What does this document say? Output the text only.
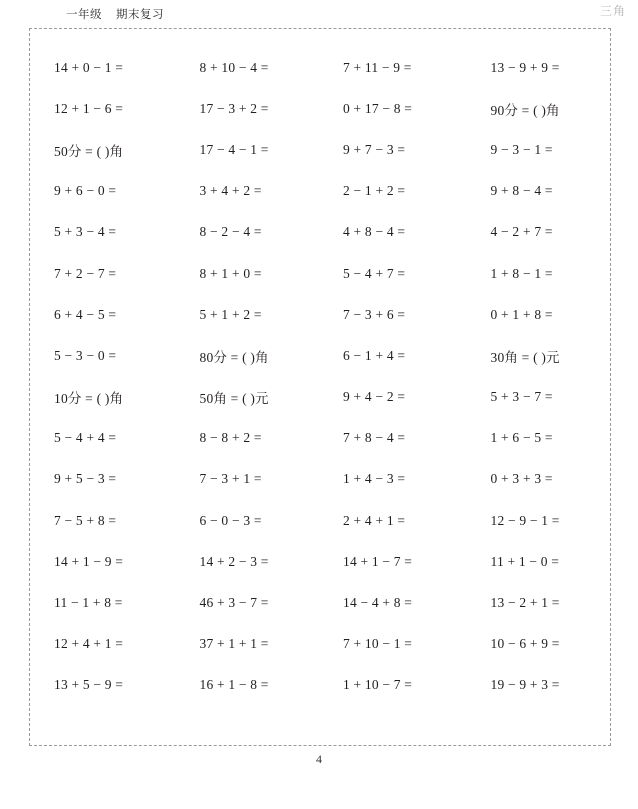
一年级 期末复习	三角
14 + 0 − 1 =	8 + 10 − 4 =	7 + 11 − 9 =	13 − 9 + 9 =
12 + 1 − 6 =	17 − 3 + 2 =	0 + 17 − 8 =	90分 = ( )角
50分 = ( )角	17 − 4 − 1 =	9 + 7 − 3 =	9 − 3 − 1 =
9 + 6 − 0 =	3 + 4 + 2 =	2 − 1 + 2 =	9 + 8 − 4 =
5 + 3 − 4 =	8 − 2 − 4 =	4 + 8 − 4 =	4 − 2 + 7 =
7 + 2 − 7 =	8 + 1 + 0 =	5 − 4 + 7 =	1 + 8 − 1 =
6 + 4 − 5 =	5 + 1 + 2 =	7 − 3 + 6 =	0 + 1 + 8 =
5 − 3 − 0 =	80分 = ( )角	6 − 1 + 4 =	30角 = ( )元
10分 = ( )角	50角 = ( )元	9 + 4 − 2 =	5 + 3 − 7 =
5 − 4 + 4 =	8 − 8 + 2 =	7 + 8 − 4 =	1 + 6 − 5 =
9 + 5 − 3 =	7 − 3 + 1 =	1 + 4 − 3 =	0 + 3 + 3 =
7 − 5 + 8 =	6 − 0 − 3 =	2 + 4 + 1 =	12 − 9 − 1 =
14 + 1 − 9 =	14 + 2 − 3 =	14 + 1 − 7 =	11 + 1 − 0 =
11 − 1 + 8 =	46 + 3 − 7 =	14 − 4 + 8 =	13 − 2 + 1 =
12 + 4 + 1 =	37 + 1 + 1 =	7 + 10 − 1 =	10 − 6 + 9 =
13 + 5 − 9 =	16 + 1 − 8 =	1 + 10 − 7 =	19 − 9 + 3 =
4
